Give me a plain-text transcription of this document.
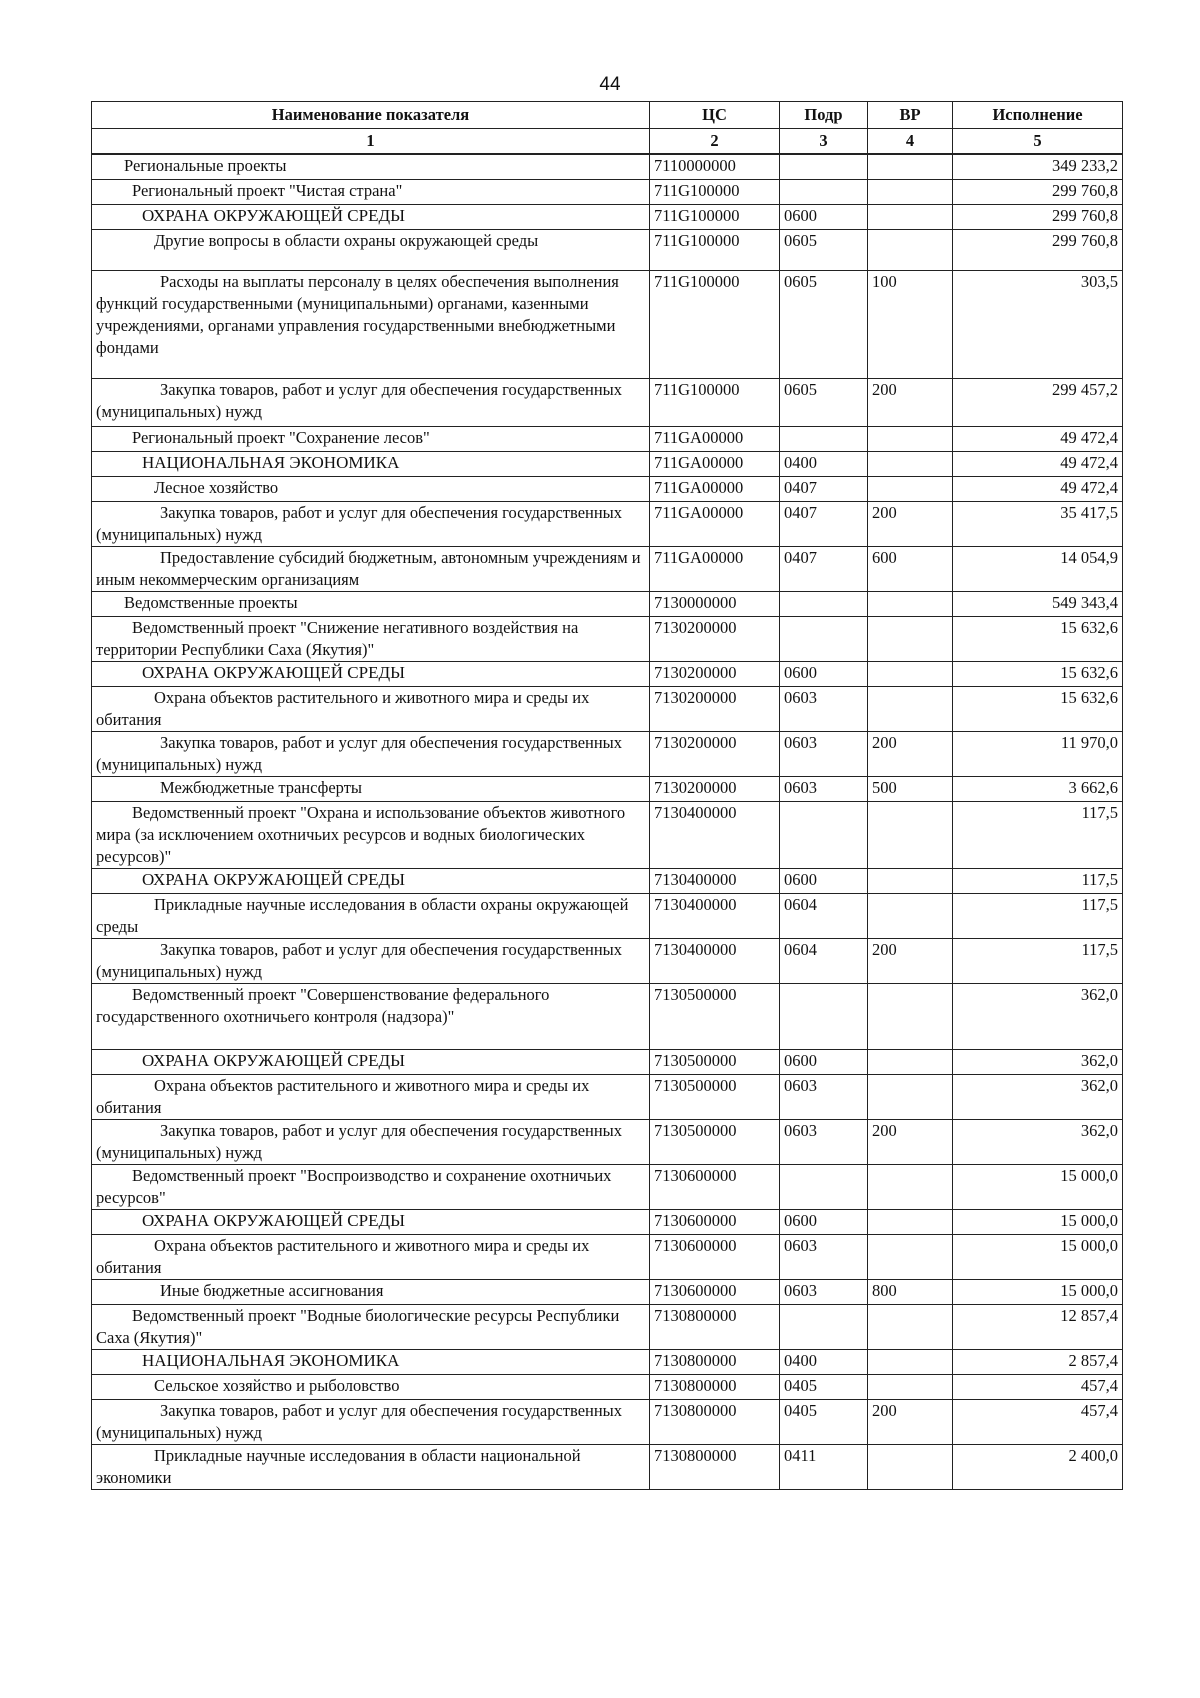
44
Наименование показателя	ЦС	Подр	ВР	Исполнение
1	2	3	4	5
Региональные проекты	7110000000			349 233,2
Региональный проект "Чистая страна"	711G100000			299 760,8
ОХРАНА ОКРУЖАЮЩЕЙ СРЕДЫ	711G100000	0600		299 760,8
Другие вопросы в области охраны окружающей среды	711G100000	0605		299 760,8
Расходы на выплаты персоналу в целях обеспечения выполнения функций государственными (муниципальными) органами, казенными учреждениями, органами управления государственными внебюджетными фондами	711G100000	0605	100	303,5
Закупка товаров, работ и услуг для обеспечения государственных (муниципальных) нужд	711G100000	0605	200	299 457,2
Региональный проект "Сохранение лесов"	711GA00000			49 472,4
НАЦИОНАЛЬНАЯ ЭКОНОМИКА	711GA00000	0400		49 472,4
Лесное хозяйство	711GA00000	0407		49 472,4
Закупка товаров, работ и услуг для обеспечения государственных (муниципальных) нужд	711GA00000	0407	200	35 417,5
Предоставление субсидий бюджетным, автономным учреждениям и иным некоммерческим организациям	711GA00000	0407	600	14 054,9
Ведомственные проекты	7130000000			549 343,4
Ведомственный проект "Снижение негативного воздействия на территории Республики Саха (Якутия)"	7130200000			15 632,6
ОХРАНА ОКРУЖАЮЩЕЙ СРЕДЫ	7130200000	0600		15 632,6
Охрана объектов растительного и животного мира и среды их обитания	7130200000	0603		15 632,6
Закупка товаров, работ и услуг для обеспечения государственных (муниципальных) нужд	7130200000	0603	200	11 970,0
Межбюджетные трансферты	7130200000	0603	500	3 662,6
Ведомственный проект "Охрана и использование объектов животного мира (за исключением охотничьих ресурсов и водных биологических ресурсов)"	7130400000			117,5
ОХРАНА ОКРУЖАЮЩЕЙ СРЕДЫ	7130400000	0600		117,5
Прикладные научные исследования в области охраны окружающей среды	7130400000	0604		117,5
Закупка товаров, работ и услуг для обеспечения государственных (муниципальных) нужд	7130400000	0604	200	117,5
Ведомственный проект "Совершенствование федерального государственного охотничьего контроля (надзора)"	7130500000			362,0
ОХРАНА ОКРУЖАЮЩЕЙ СРЕДЫ	7130500000	0600		362,0
Охрана объектов растительного и животного мира и среды их обитания	7130500000	0603		362,0
Закупка товаров, работ и услуг для обеспечения государственных (муниципальных) нужд	7130500000	0603	200	362,0
Ведомственный проект "Воспроизводство и сохранение охотничьих ресурсов"	7130600000			15 000,0
ОХРАНА ОКРУЖАЮЩЕЙ СРЕДЫ	7130600000	0600		15 000,0
Охрана объектов растительного и животного мира и среды их обитания	7130600000	0603		15 000,0
Иные бюджетные ассигнования	7130600000	0603	800	15 000,0
Ведомственный проект "Водные биологические ресурсы Республики Саха (Якутия)"	7130800000			12 857,4
НАЦИОНАЛЬНАЯ ЭКОНОМИКА	7130800000	0400		2 857,4
Сельское хозяйство и рыболовство	7130800000	0405		457,4
Закупка товаров, работ и услуг для обеспечения государственных (муниципальных) нужд	7130800000	0405	200	457,4
Прикладные научные исследования в области национальной экономики	7130800000	0411		2 400,0
